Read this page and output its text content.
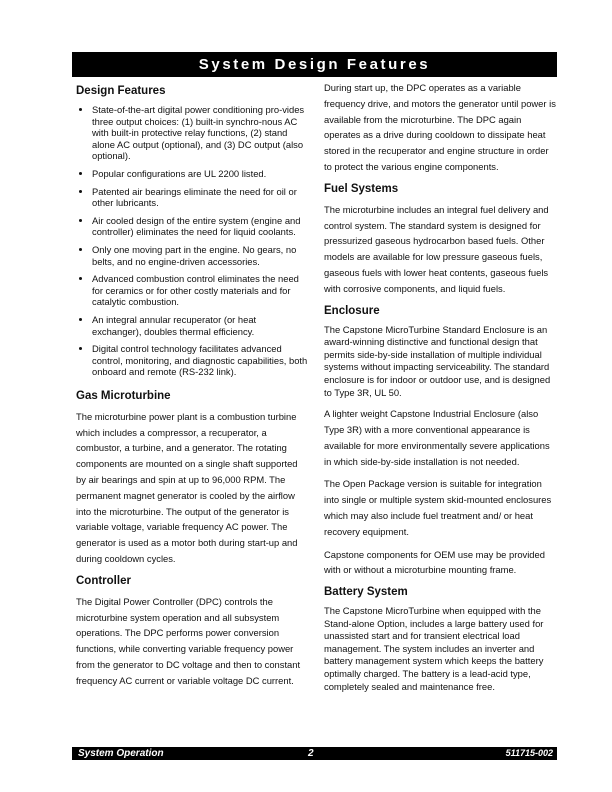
System Design Features
Design Features
• State-of-the-art digital power conditioning pro-vides three output choices: (1) built-in synchro-nous AC with built-in protective relay functions, (2) stand alone AC output (optional), and (3) DC output (also optional).
• Popular configurations are UL 2200 listed.
• Patented air bearings eliminate the need for oil or other lubricants.
• Air cooled design of the entire system (engine and controller) eliminates the need for liquid coolants.
• Only one moving part in the engine. No gears, no belts, and no engine-driven accessories.
• Advanced combustion control eliminates the need for ceramics or for other costly materials and for catalytic combustion.
• An integral annular recuperator (or heat exchanger), doubles thermal efficiency.
• Digital control technology facilitates advanced control, monitoring, and diagnostic capabilities, both onboard and remote (RS-232 link).
Gas Microturbine

The microturbine power plant is a combustion turbine which includes a compressor, a recuperator, a combustor, a turbine, and a generator. The rotating components are mounted on a single shaft supported by air bearings and spin at up to 96,000 RPM. The permanent magnet generator is cooled by the airflow into the microturbine. The output of the generator is variable voltage, variable frequency AC power. The generator is used as a motor both during start-up and during cooldown cycles.

Controller

The Digital Power Controller (DPC) controls the microturbine system operation and all subsystem operations. The DPC performs power conversion functions, while converting variable frequency power from the generator to DC voltage and then to constant frequency AC current or variable voltage DC current.

During start up, the DPC operates as a variable frequency drive, and motors the generator until power is available from the microturbine. The DPC again operates as a drive during cooldown to dissipate heat stored in the recuperator and engine structure in order to protect the various engine components.

Fuel Systems

The microturbine includes an integral fuel delivery and control system. The standard system is designed for pressurized gaseous hydrocarbon based fuels. Other models are available for low pressure gaseous fuels, gaseous fuels with lower heat contents, gaseous fuels with corrosive components, and liquid fuels.

Enclosure

The Capstone MicroTurbine Standard Enclosure is an award-winning distinctive and functional design that permits side-by-side installation of multiple individual systems without impacting serviceability. The standard enclosure is for indoor or outdoor use, and is designed to Type 3R, UL 50.

A lighter weight Capstone Industrial Enclosure (also Type 3R) with a more conventional appearance is available for more environmentally severe applications in which side-by-side installation is not needed.

The Open Package version is suitable for integration into single or multiple system skid-mounted enclosures which may also include fuel treatment and/ or heat recovery equipment.

Capstone components for OEM use may be provided with or without a microturbine mounting frame.

Battery System

The Capstone MicroTurbine when equipped with the Stand-alone Option, includes a large battery used for unassisted start and for transient electrical load management. The system includes an inverter and battery management system which keeps the battery optimally charged. The battery is a lead-acid type, completely sealed and maintenance free.

System Operation	2	511715-002
